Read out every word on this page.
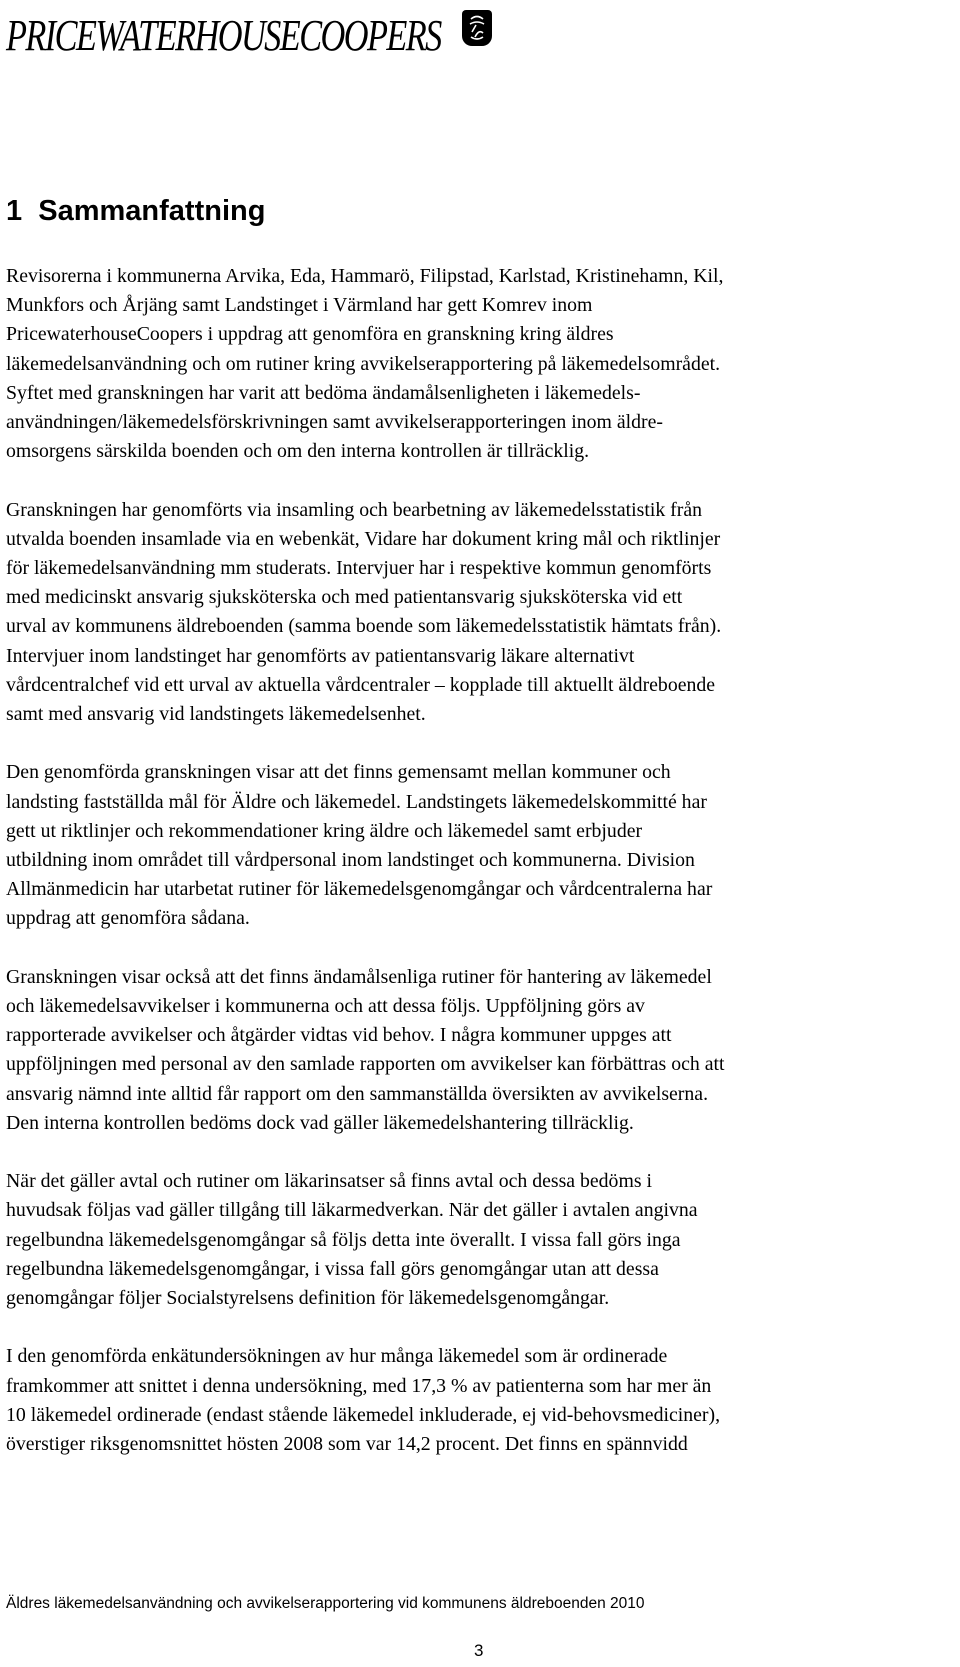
PRICEWATERHOUSECOOPERS
1 Sammanfattning

Revisorerna i kommunerna Arvika, Eda, Hammarö, Filipstad, Karlstad, Kristinehamn, Kil,
Munkfors och Årjäng samt Landstinget i Värmland har gett Komrev inom
PricewaterhouseCoopers i uppdrag att genomföra en granskning kring äldres
läkemedelsanvändning och om rutiner kring avvikelserapportering på läkemedelsområdet.
Syftet med granskningen har varit att bedöma ändamålsenligheten i läkemedels-
användningen/läkemedelsförskrivningen samt avvikelserapporteringen inom äldre-
omsorgens särskilda boenden och om den interna kontrollen är tillräcklig.

Granskningen har genomförts via insamling och bearbetning av läkemedelsstatistik från
utvalda boenden insamlade via en webenkät, Vidare har dokument kring mål och riktlinjer
för läkemedelsanvändning mm studerats. Intervjuer har i respektive kommun genomförts
med medicinskt ansvarig sjuksköterska och med patientansvarig sjuksköterska vid ett
urval av kommunens äldreboenden (samma boende som läkemedelsstatistik hämtats från).
Intervjuer inom landstinget har genomförts av patientansvarig läkare alternativt
vårdcentralchef vid ett urval av aktuella vårdcentraler – kopplade till aktuellt äldreboende
samt med ansvarig vid landstingets läkemedelsenhet.

Den genomförda granskningen visar att det finns gemensamt mellan kommuner och
landsting fastställda mål för Äldre och läkemedel. Landstingets läkemedelskommitté har
gett ut riktlinjer och rekommendationer kring äldre och läkemedel samt erbjuder
utbildning inom området till vårdpersonal inom landstinget och kommunerna. Division
Allmänmedicin har utarbetat rutiner för läkemedelsgenomgångar och vårdcentralerna har
uppdrag att genomföra sådana.

Granskningen visar också att det finns ändamålsenliga rutiner för hantering av läkemedel
och läkemedelsavvikelser i kommunerna och att dessa följs. Uppföljning görs av
rapporterade avvikelser och åtgärder vidtas vid behov. I några kommuner uppges att
uppföljningen med personal av den samlade rapporten om avvikelser kan förbättras och att
ansvarig nämnd inte alltid får rapport om den sammanställda översikten av avvikelserna.
Den interna kontrollen bedöms dock vad gäller läkemedelshantering tillräcklig.

När det gäller avtal och rutiner om läkarinsatser så finns avtal och dessa bedöms i
huvudsak följas vad gäller tillgång till läkarmedverkan. När det gäller i avtalen angivna
regelbundna läkemedelsgenomgångar så följs detta inte överallt. I vissa fall görs inga
regelbundna läkemedelsgenomgångar, i vissa fall görs genomgångar utan att dessa
genomgångar följer Socialstyrelsens definition för läkemedelsgenomgångar.

I den genomförda enkätundersökningen av hur många läkemedel som är ordinerade
framkommer att snittet i denna undersökning, med 17,3 % av patienterna som har mer än
10 läkemedel ordinerade (endast stående läkemedel inkluderade, ej vid-behovsmediciner),
överstiger riksgenomsnittet hösten 2008 som var 14,2 procent. Det finns en spännvidd

Äldres läkemedelsanvändning och avvikelserapportering vid kommunens äldreboenden 2010
3
